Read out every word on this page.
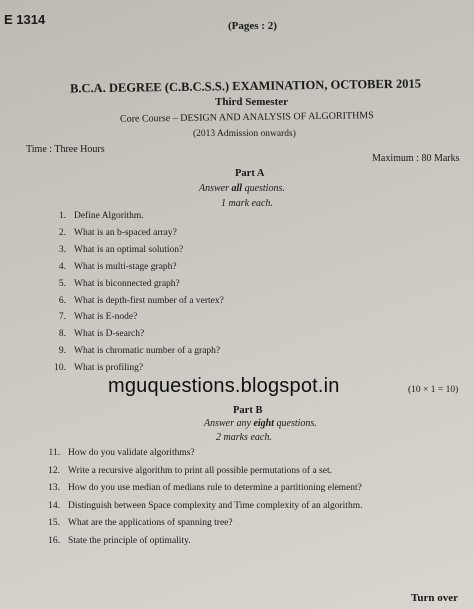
E 1314	(Pages : 2)
B.C.A. DEGREE (C.B.C.S.S.) EXAMINATION, OCTOBER 2015
Third Semester
Core Course – DESIGN AND ANALYSIS OF ALGORITHMS
(2013 Admission onwards)
Time : Three Hours
Maximum : 80 Marks
Part A
Answer all questions.
1 mark each.
1. Define Algorithm.
2. What is an b-spaced array?
3. What is an optimal solution?
4. What is multi-stage graph?
5. What is biconnected graph?
6. What is depth-first number of a vertex?
7. What is E-node?
8. What is D-search?
9. What is chromatic number of a graph?
10. What is profiling?
mguquestions.blogspot.in	(10 × 1 = 10)
Part B
Answer any eight questions.
2 marks each.
11. How do you validate algorithms?
12. Write a recursive algorithm to print all possible permutations of a set.
13. How do you use median of medians rule to determine a partitioning element?
14. Distinguish between Space complexity and Time complexity of an algorithm.
15. What are the applications of spanning tree?
16. State the principle of optimality.
Turn over
